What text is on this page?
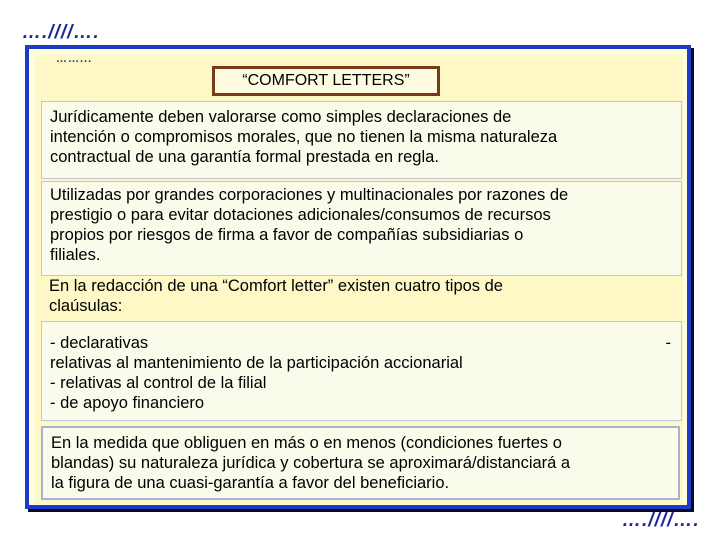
….////….
……...
“COMFORT LETTERS”
Jurídicamente deben valorarse como simples declaraciones de
intención o compromisos morales, que no tienen la misma naturaleza
contractual de una garantía formal prestada en regla.
Utilizadas por grandes corporaciones y multinacionales por razones de
prestigio o para evitar dotaciones adicionales/consumos de recursos
propios por riesgos de firma a favor de compañías subsidiarias o
filiales.
En la redacción de una “Comfort letter” existen cuatro tipos de
claúsulas:
-
- declarativas
relativas al mantenimiento de la participación accionarial
- relativas al control de la filial
- de apoyo financiero
En la medida que obliguen en más o en menos (condiciones fuertes o
blandas) su naturaleza jurídica y cobertura se aproximará/distanciará a
la figura de una cuasi-garantía a favor del beneficiario.
….////….
